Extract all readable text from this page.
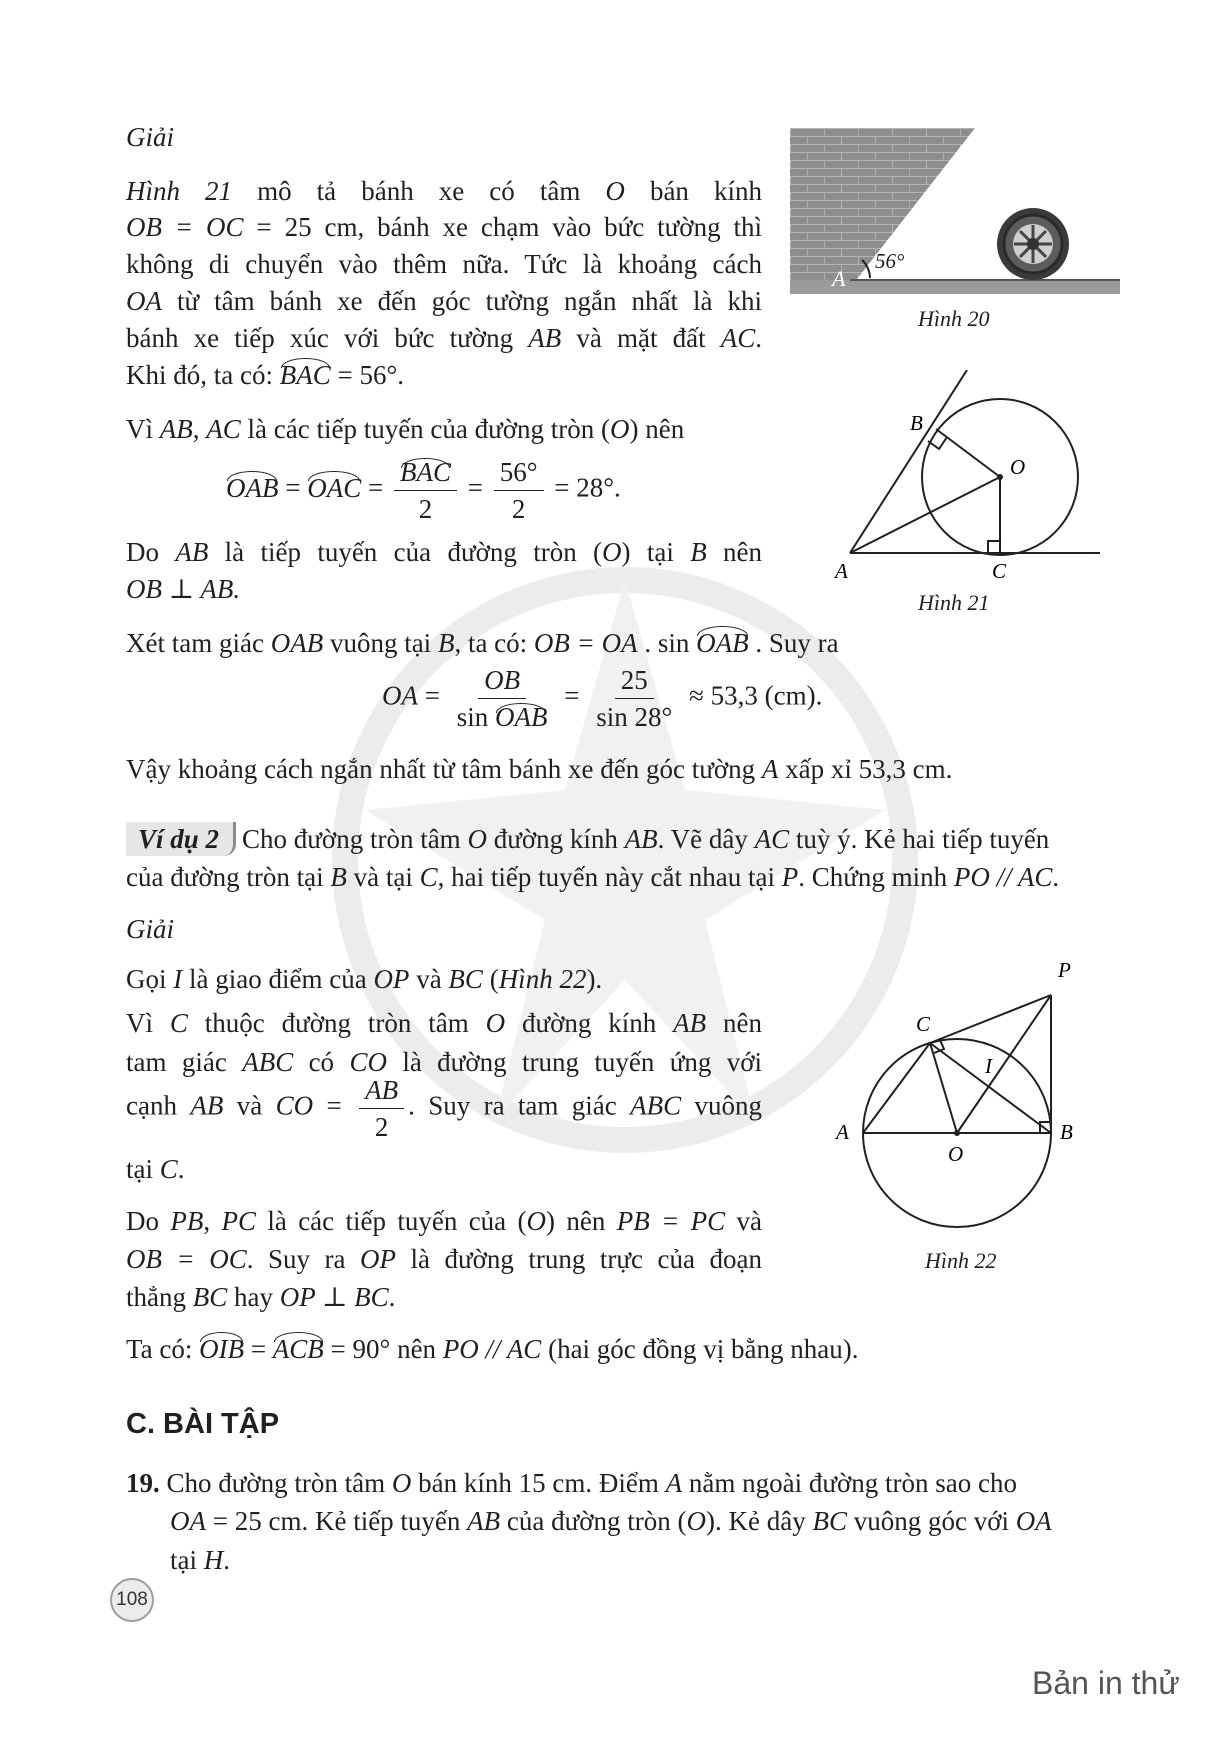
Giải
Hình 21 mô tả bánh xe có tâm O bán kính
OB = OC = 25 cm, bánh xe chạm vào bức tường thì
không di chuyển vào thêm nữa. Tức là khoảng cách
OA từ tâm bánh xe đến góc tường ngắn nhất là khi
bánh xe tiếp xúc với bức tường AB và mặt đất AC.
Khi đó, ta có: BAC = 56°.
Vì AB, AC là các tiếp tuyến của đường tròn (O) nên
OAB = OAC = $\frac{\text{BAC}}{2} = \frac{56^\circ}{2} = 28^\circ$.
Do AB là tiếp tuyến của đường tròn (O) tại B nên
OB ⊥ AB.
Xét tam giác OAB vuông tại B, ta có: OB = OA . sin OAB . Suy ra
OA = $\frac{OB}{\text{sin OAB}} = \frac{25}{\sin 28^\circ} \approx 53,3$ (cm).
Vậy khoảng cách ngắn nhất từ tâm bánh xe đến góc tường A xấp xỉ 53,3 cm.
Ví dụ 2 Cho đường tròn tâm O đường kính AB. Vẽ dây AC tuỳ ý. Kẻ hai tiếp tuyến
của đường tròn tại B và tại C, hai tiếp tuyến này cắt nhau tại P. Chứng minh PO // AC.
Giải
Gọi I là giao điểm của OP và BC (Hình 22).
Vì C thuộc đường tròn tâm O đường kính AB nên
tam giác ABC có CO là đường trung tuyến ứng với
cạnh AB và CO = $\frac{AB}{2}$ . Suy ra tam giác ABC vuông
tại C.
Do PB, PC là các tiếp tuyến của (O) nên PB = PC và
OB = OC. Suy ra OP là đường trung trực của đoạn
thẳng BC hay OP ⊥ BC.
Ta có: OIB = ACB = 90° nên PO // AC (hai góc đồng vị bằng nhau).
C. BÀI TẬP
19. Cho đường tròn tâm O bán kính 15 cm. Điểm A nằm ngoài đường tròn sao cho
OA = 25 cm. Kẻ tiếp tuyến AB của đường tròn (O). Kẻ dây BC vuông góc với OA
tại H.
108
Bản in thử
56°
A
Hình 20
B
O
A	C
Hình 21
P
C
I
A	B
O
Hình 22
